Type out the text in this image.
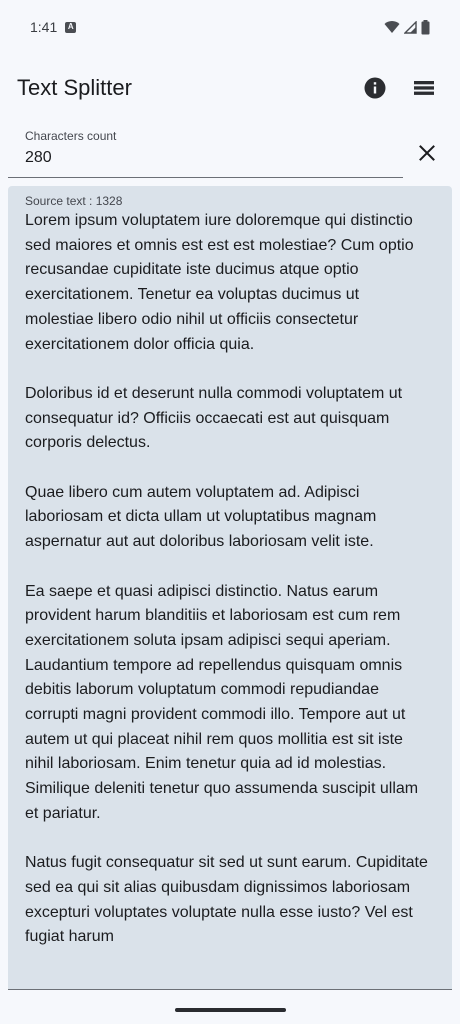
1:41 A
Text Splitter
Characters count
280
Source text : 1328
Lorem ipsum voluptatem iure doloremque qui distinctio sed maiores et omnis est est est molestiae? Cum optio recusandae cupiditate iste ducimus atque optio exercitationem. Tenetur ea voluptas ducimus ut molestiae libero odio nihil ut officiis consectetur exercitationem dolor officia quia.

Doloribus id et deserunt nulla commodi voluptatem ut consequatur id? Officiis occaecati est aut quisquam corporis delectus.

Quae libero cum autem voluptatem ad. Adipisci laboriosam et dicta ullam ut voluptatibus magnam aspernatur aut aut doloribus laboriosam velit iste.

Ea saepe et quasi adipisci distinctio. Natus earum provident harum blanditiis et laboriosam est cum rem exercitationem soluta ipsam adipisci sequi aperiam. Laudantium tempore ad repellendus quisquam omnis debitis laborum voluptatum commodi repudiandae corrupti magni provident commodi illo. Tempore aut ut autem ut qui placeat nihil rem quos mollitia est sit iste nihil laboriosam. Enim tenetur quia ad id molestias. Similique deleniti tenetur quo assumenda suscipit ullam et pariatur.

Natus fugit consequatur sit sed ut sunt earum. Cupiditate sed ea qui sit alias quibusdam dignissimos laboriosam excepturi voluptates voluptate nulla esse iusto? Vel est fugiat harum
